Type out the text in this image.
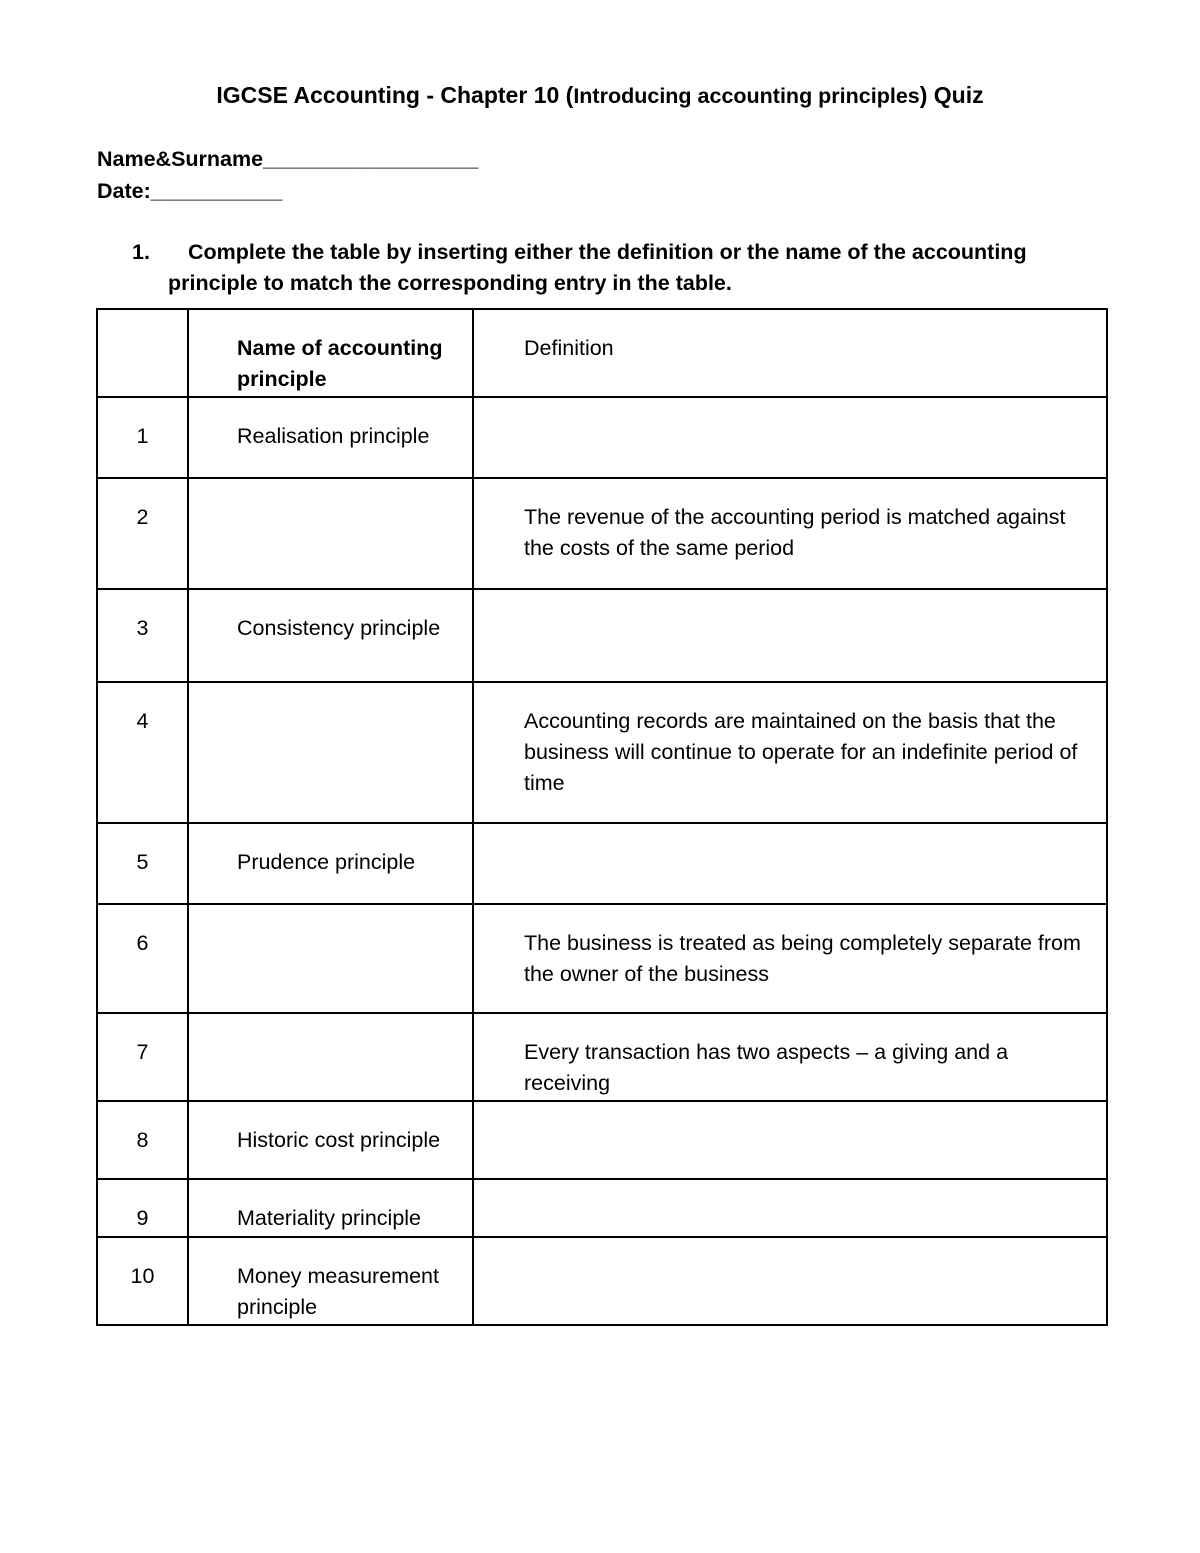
IGCSE Accounting - Chapter 10 (Introducing accounting principles) Quiz
Name&Surname__________________
Date:___________
1. Complete the table by inserting either the definition or the name of the accounting
principle to match the corresponding entry in the table.

	Name of accounting principle	Definition

1	Realisation principle	

2		The revenue of the accounting period is matched against the costs of the same period

3	Consistency principle	

4		Accounting records are maintained on the basis that the business will continue to operate for an indefinite period of time

5	Prudence principle	

6		The business is treated as being completely separate from the owner of the business

7		Every transaction has two aspects – a giving and a receiving

8	Historic cost principle	

9	Materiality principle	

10	Money measurement principle	
